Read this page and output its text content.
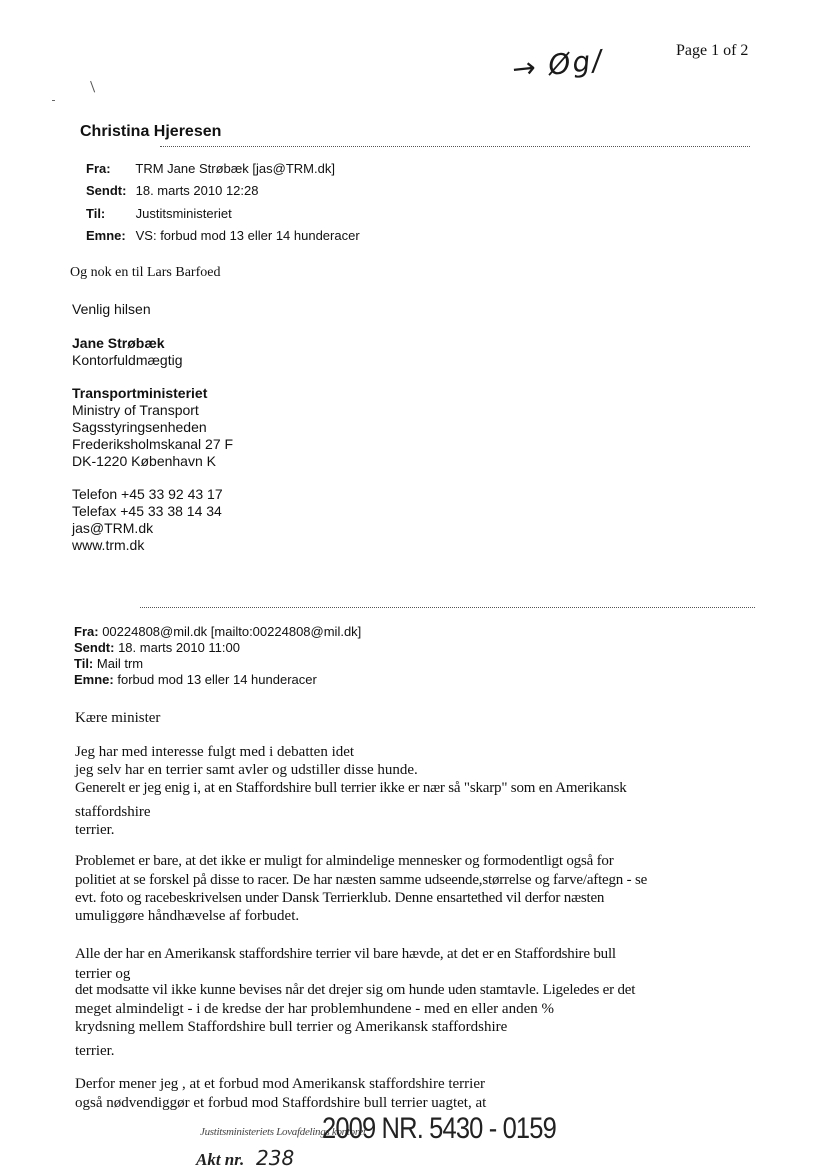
Page 1 of 2
→ Øg/
Christina Hjeresen
Fra: TRM Jane Strøbæk [jas@TRM.dk]
Sendt: 18. marts 2010 12:28
Til: Justitsministeriet
Emne: VS: forbud mod 13 eller 14 hunderacer
Og nok en til Lars Barfoed
Venlig hilsen
Jane Strøbæk
Kontorfuldmægtig
Transportministeriet
Ministry of Transport
Sagsstyringsenheden
Frederiksholmskanal 27 F
DK-1220 København K
Telefon +45 33 92 43 17
Telefax +45 33 38 14 34
jas@TRM.dk
www.trm.dk
Fra: 00224808@mil.dk [mailto:00224808@mil.dk]
Sendt: 18. marts 2010 11:00
Til: Mail trm
Emne: forbud mod 13 eller 14 hunderacer
Kære minister
Jeg har med interesse fulgt med i debatten idet
jeg selv har en terrier samt avler og udstiller disse hunde.
Generelt er jeg enig i, at en Staffordshire bull terrier ikke er nær så "skarp" som en Amerikansk
staffordshire
terrier.
Problemet er bare, at det ikke er muligt for almindelige mennesker og formodentligt også for
politiet at se forskel på disse to racer. De har næsten samme udseende,størrelse og farve/aftegn - se
evt. foto og racebeskrivelsen under Dansk Terrierklub. Denne ensartethed vil derfor næsten
umuliggøre håndhævelse af forbudet.
Alle der har en Amerikansk staffordshire terrier vil bare hævde, at det er en Staffordshire bull
terrier og
det modsatte vil ikke kunne bevises når det drejer sig om hunde uden stamtavle. Ligeledes er det
meget almindeligt - i de kredse der har problemhundene - med en eller anden %
krydsning mellem Staffordshire bull terrier og Amerikansk staffordshire
terrier.
Derfor mener jeg , at et forbud mod Amerikansk staffordshire terrier
også nødvendiggør et forbud mod Staffordshire bull terrier uagtet, at
Justitsministeriets Lovafdelings kontoret
2009 NR. 5430 - 0159
Akt nr. 238
